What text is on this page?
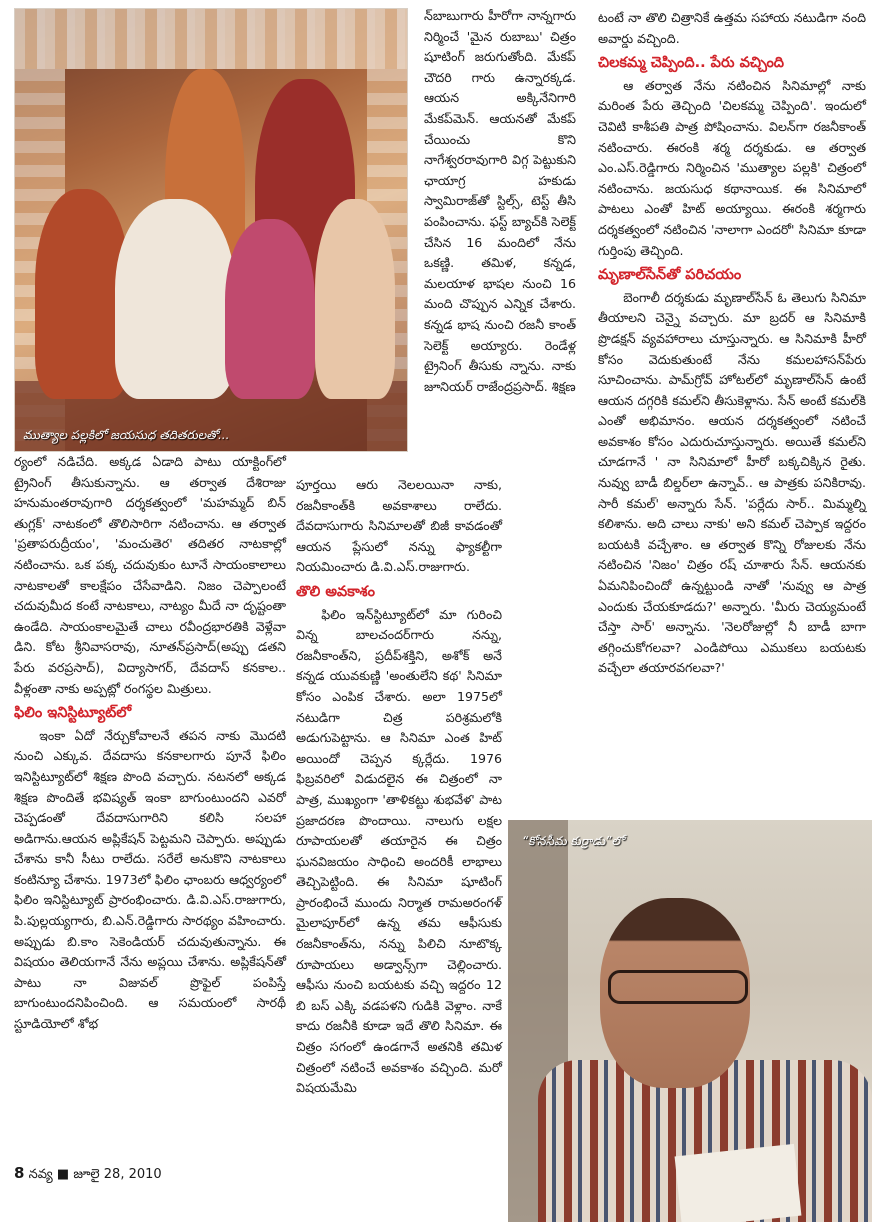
ముత్యాల పల్లకిలో జయసుధ తదితరులతో...

న్‌బాబుగారు హీరోగా నాన్నగారు నిర్మించే 'మైన రుబాబు' చిత్రం షూటింగ్ జరుగుతోంది. మేకప్ చౌదరి గారు ఉన్నారక్కడ. ఆయన అక్కినేనిగారి మేకప్‌మెన్. ఆయనతో మేకప్ చేయించు కొని నాగేశ్వరరావుగారి విగ్గ పెట్టుకుని ఛాయాగ్ర హకుడు స్వామిరాజ్‌తో స్టిల్స్, టెస్ట్ తీసి పంపించాను. ఫస్ట్ బ్యాచ్‌కి సెలెక్ట్ చేసిన 16 మందిలో నేను ఒకణ్ణి. తమిళ, కన్నడ, మలయాళ భాషల నుంచి 16 మంది చొప్పున ఎన్నిక చేశారు. కన్నడ భాష నుంచి రజనీ కాంత్ సెలెక్ట్ అయ్యారు. రెండేళ్ల ట్రైనింగ్ తీసుకు న్నాను. నాకు జూనియర్ రాజేంద్రప్రసాద్. శిక్షణ

ర్యంలో నడిచేది. అక్కడ ఏడాది పాటు యాక్టింగ్‌లో ట్రైనింగ్ తీసుకున్నాను. ఆ తర్వాత దేశిరాజు హనుమంతరావుగారి దర్శకత్వంలో 'మహమ్మద్ బిన్ తుగ్లక్' నాటకంలో తొలిసారిగా నటించాను. ఆ తర్వాత 'ప్రతాపరుద్రీయం', 'మంచుతెర' తదితర నాటకాల్లో నటించాను. ఒక పక్క చదువుకుం టూనే సాయంకాలాలు నాటకాలతో కాలక్షేపం చేసేవాడిని. నిజం చెప్పాలంటే చదువుమీద కంటే నాటకాలు, నాట్యం మీదే నా దృష్టంతా ఉండేది. సాయంకాలమైతే చాలు రవీంద్రభారతికి వెళ్లేవా డిని. కోట శ్రీనివాసరావు, నూతన్‌ప్రసాద్(అప్పు డతని పేరు వరప్రసాద్), విద్యాసాగర్, దేవదాస్ కనకాల.. వీళ్లంతా నాకు అప్పట్లో రంగస్థల మిత్రులు.

ఫిలిం ఇనిస్టిట్యూట్‌లో

ఇంకా ఏదో నేర్చుకోవాలనే తపన నాకు మొదటి నుంచి ఎక్కువ. దేవదాసు కనకాలగారు పూనే ఫిలిం ఇనిస్టిట్యూట్‌లో శిక్షణ పొంది వచ్చారు. నటనలో అక్కడ శిక్షణ పొందితే భవిష్యత్ ఇంకా బాగుంటుందని ఎవరో చెప్పడంతో దేవదాసుగారిని కలిసి సలహా అడిగాను.ఆయన అప్లికేషన్ పెట్టమని చెప్పారు. అప్పుడు చేశాను కానీ సీటు రాలేదు. సరేలే అనుకొని నాటకాలు కంటిన్యూ చేశాను. 1973లో ఫిలిం ఛాంబరు ఆధ్వర్యంలో ఫిలిం ఇనిస్టిట్యూట్ ప్రారంభించారు. డి.వి.ఎస్.రాజుగారు, పి.పుల్లయ్యగారు, బి.ఎన్.రెడ్డిగారు సారథ్యం వహించారు. అప్పుడు బి.కాం సెకెండియర్ చదువుతున్నాను. ఈ విషయం తెలియగానే నేను అప్లయి చేశాను. అప్లికేషన్‌తో పాటు నా విజువల్ ప్రొఫైల్ పంపిస్తే బాగుంటుందనిపించింది. ఆ సమయంలో సారథీ స్టూడియోలో శోభ

పూర్తయి ఆరు నెలలయినా నాకు, రజనీకాంత్‌కి అవకాశాలు రాలేదు. దేవదాసుగారు సినిమాలతో బిజీ కావడంతో ఆయన ప్లేసులో నన్ను ఫ్యాకల్టీగా నియమించారు డి.వి.ఎస్.రాజుగారు.

తొలి అవకాశం

ఫిలిం ఇన్‌స్టిట్యూట్‌లో మా గురించి విన్న బాలచందర్‌గారు నన్ను, రజనీకాంత్‌ని, ప్రదీప్‌శక్తిని, అశోక్ అనే కన్నడ యువకుణ్ణి 'అంతులేని కథ' సినిమా కోసం ఎంపిక చేశారు. అలా 1975లో నటుడిగా చిత్ర పరిశ్రమలోకి అడుగుపెట్టాను. ఆ సినిమా ఎంత హిట్ అయిందో చెప్పన క్కర్లేదు. 1976 ఫిబ్రవరిలో విడుదలైన ఈ చిత్రంలో నా పాత్ర, ముఖ్యంగా 'తాళికట్టు శుభవేళ' పాట ప్రజాదరణ పొందాయి. నాలుగు లక్షల రూపాయలతో తయారైన ఈ చిత్రం ఘనవిజయం సాధించి అందరికీ లాభాలు తెచ్చిపెట్టింది. ఈ సినిమా షూటింగ్ ప్రారంభించే ముందు నిర్మాత రామఅరంగళ్ మైలాపూర్‌లో ఉన్న తమ ఆఫీసుకు రజనీకాంత్‌ను, నన్ను పిలిచి నూటొక్క రూపాయలు అడ్వాన్స్‌గా చెల్లించారు. ఆఫీసు నుంచి బయటకు వచ్చి ఇద్దరం 12 బి బస్ ఎక్కి వడపళని గుడికి వెళ్లాం. నాకే కాదు రజనీకి కూడా ఇదే తొలి సినిమా. ఈ చిత్రం సగంలో ఉండగానే అతనికి తమిళ చిత్రంలో నటించే అవకాశం వచ్చింది. మరో విషయమేమి

టంటే నా తొలి చిత్రానికే ఉత్తమ సహాయ నటుడిగా నంది అవార్డు వచ్చింది.

చిలకమ్మ చెప్పింది.. పేరు వచ్చింది

ఆ తర్వాత నేను నటించిన సినిమాల్లో నాకు మరింత పేరు తెచ్చింది 'చిలకమ్మ చెప్పింది'. ఇందులో చెవిటి కాశీపతి పాత్ర పోషించాను. విలన్‌గా రజనీకాంత్ నటించారు. ఈరంకి శర్మ దర్శకుడు. ఆ తర్వాత ఎం.ఎస్.రెడ్డిగారు నిర్మించిన 'ముత్యాల పల్లకి' చిత్రంలో నటించాను. జయసుధ కథానాయిక. ఈ సినిమాలో పాటలు ఎంతో హిట్ అయ్యాయి. ఈరంకి శర్మగారు దర్శకత్వంలో నటించిన 'నాలాగా ఎందరో' సినిమా కూడా గుర్తింపు తెచ్చింది.

మృణాల్‌సేన్‌తో పరిచయం

బెంగాలీ దర్శకుడు మృణాల్‌సేన్ ఓ తెలుగు సినిమా తీయాలని చెన్నై వచ్చారు. మా బ్రదర్ ఆ సినిమాకి ప్రొడక్షన్ వ్యవహారాలు చూస్తున్నారు. ఆ సినిమాకి హీరో కోసం వెదుకుతుంటే నేను కమలహాసన్‌పేరు సూచించాను. పామ్‌గ్రోవ్ హోటల్‌లో మృణాల్‌సేన్ ఉంటే ఆయన దగ్గరికి కమల్‌ని తీసుకెళ్లాను. సేన్ అంటే కమల్‌కి ఎంతో అభిమానం. ఆయన దర్శకత్వంలో నటించే అవకాశం కోసం ఎదురుచూస్తున్నారు. అయితే కమల్‌ని చూడగానే ' నా సినిమాలో హీరో బక్కచిక్కిన రైతు. నువ్వు బాడీ బిల్డర్‌లా ఉన్నావ్.. ఆ పాత్రకు పనికిరావు. సారీ కమల్' అన్నారు సేన్. 'పర్లేదు సార్.. మిమ్మల్ని కలిశాను. అది చాలు నాకు' అని కమల్ చెప్పాక ఇద్దరం బయటకి వచ్చేశాం. ఆ తర్వాత కొన్ని రోజులకు నేను నటించిన 'నిజం' చిత్రం రష్ చూశారు సేన్. ఆయనకు ఏమనిపించిందో ఉన్నట్టుండి నాతో 'నువ్వు ఆ పాత్ర ఎందుకు చేయకూడదు?' అన్నారు. 'మీరు చెయ్యమంటే చేస్తా సార్' అన్నాను. 'నెలరోజుల్లో నీ బాడీ బాగా తగ్గించుకోగలవా? ఎండిపోయి ఎముకలు బయటకు వచ్చేలా తయారవగలవా?'

“కోనసీమ కుర్రాడు”లో
8 నవ్య ■ జూలై 28, 2010
